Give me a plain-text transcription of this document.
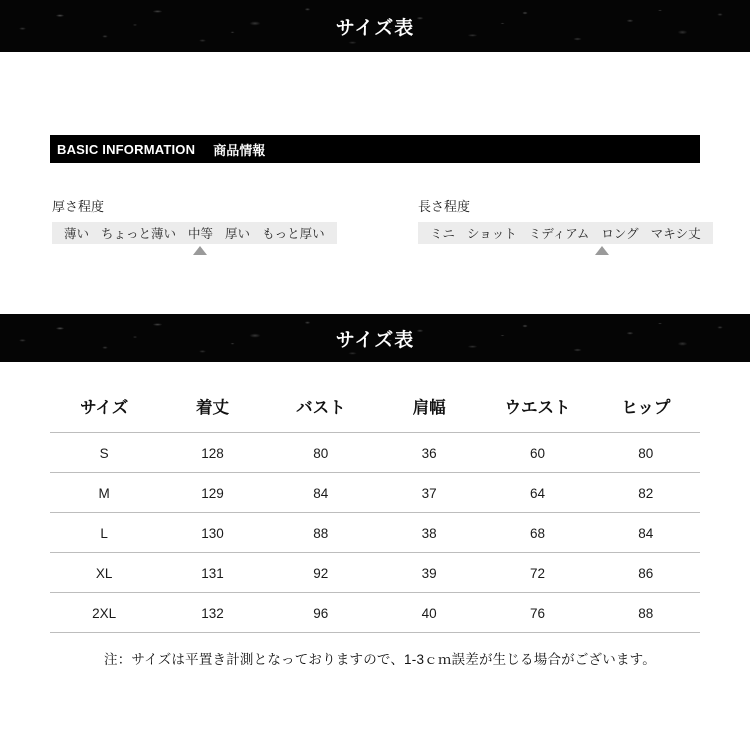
サイズ表
BASIC INFORMATION 商品情報
厚さ程度
薄い ちょっと薄い 中等 厚い もっと厚い
長さ程度
ミニ ショット ミディアム ロング マキシ丈
サイズ表
サイズ	着丈	バスト	肩幅	ウエスト	ヒップ
S	128	80	36	60	80
M	129	84	37	64	82
L	130	88	38	68	84
XL	131	92	39	72	86
2XL	132	96	40	76	88
注：サイズは平置き計測となっておりますので、1-3ｃｍ誤差が生じる場合がございます。
